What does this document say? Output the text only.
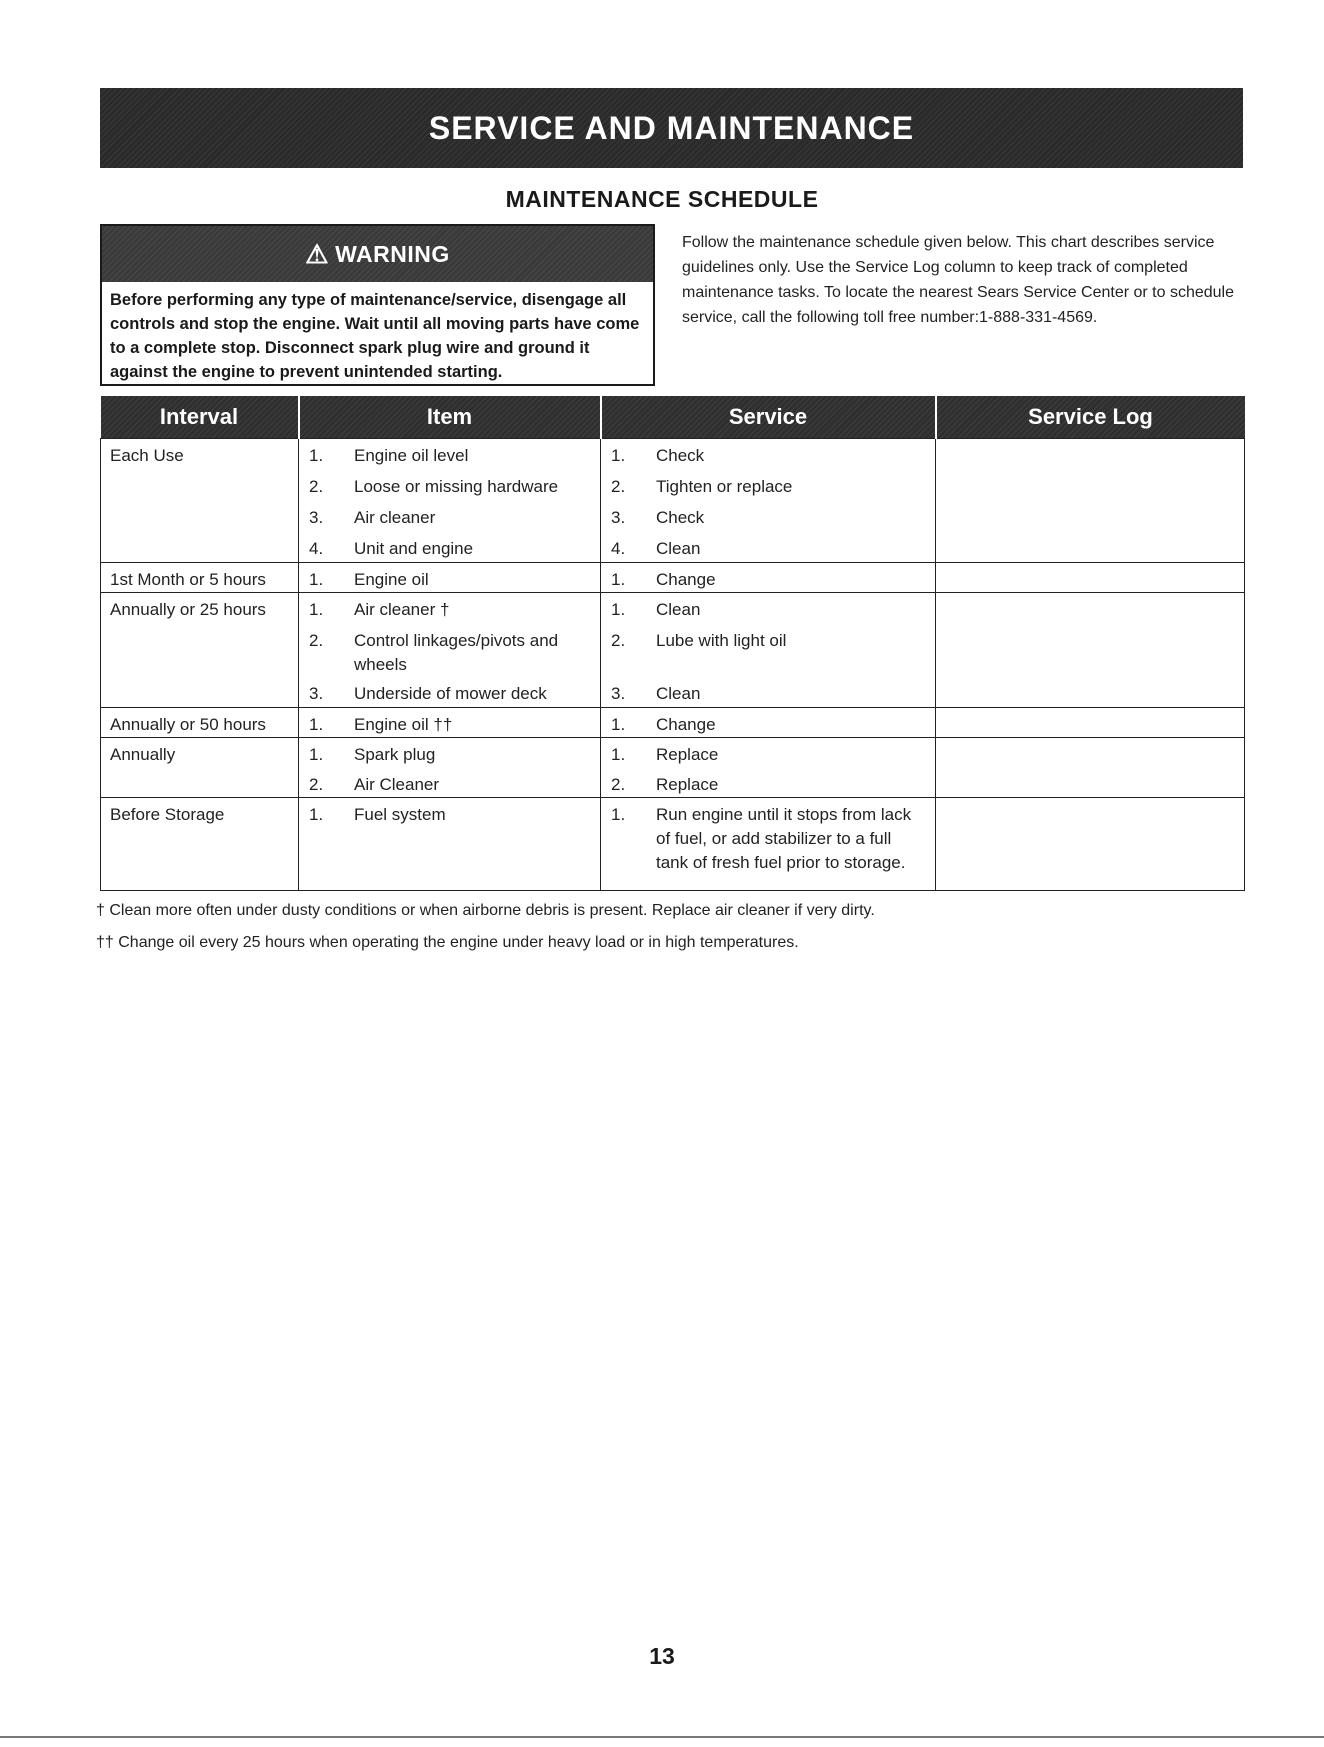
SERVICE AND MAINTENANCE
MAINTENANCE SCHEDULE
⚠ WARNING
Before performing any type of maintenance/service, disengage all controls and stop the engine. Wait until all moving parts have come to a complete stop. Disconnect spark plug wire and ground it against the engine to prevent unintended starting.
Follow the maintenance schedule given below. This chart describes service guidelines only. Use the Service Log column to keep track of completed maintenance tasks. To locate the nearest Sears Service Center or to schedule service, call the following toll free number:1-888-331-4569.
Interval	Item	Service	Service Log

Each Use	1. Engine oil level	1. Check	

	2. Loose or missing hardware	2. Tighten or replace	

	3. Air cleaner	3. Check	

	4. Unit and engine	4. Clean	

1st Month or 5 hours	1. Engine oil	1. Change	

Annually or 25 hours	1. Air cleaner †	1. Clean	

	2. Control linkages/pivots and wheels	2. Lube with light oil	

	3. Underside of mower deck	3. Clean	

Annually or 50 hours	1. Engine oil ††	1. Change	

Annually	1. Spark plug	1. Replace	

	2. Air Cleaner	2. Replace	

Before Storage	1. Fuel system	1. Run engine until it stops from lack of fuel, or add stabilizer to a full tank of fresh fuel prior to storage.	

† Clean more often under dusty conditions or when airborne debris is present. Replace air cleaner if very dirty.

†† Change oil every 25 hours when operating the engine under heavy load or in high temperatures.

13
